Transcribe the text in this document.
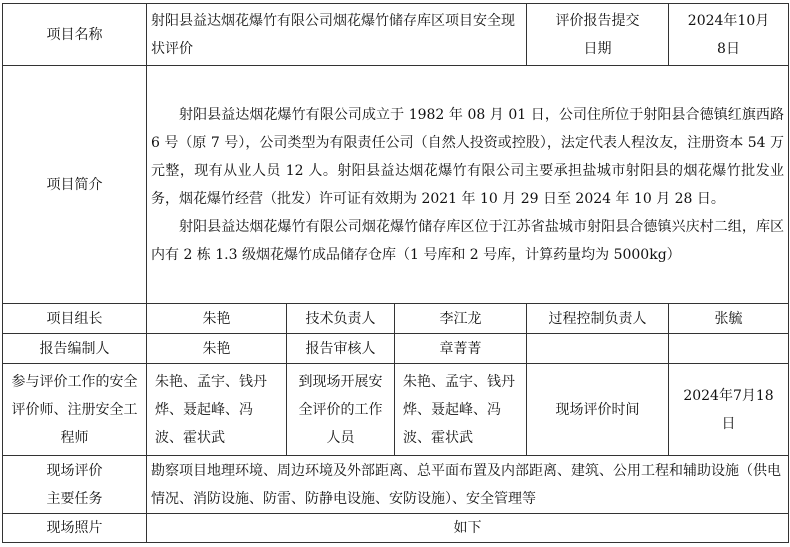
项目名称	射阳县益达烟花爆竹有限公司烟花爆竹储存库区项目安全现状评价			评价报告提交日期	2024年10月8日
项目简介	射阳县益达烟花爆竹有限公司成立于 1982 年 08 月 01 日，公司住所位于射阳县合德镇红旗西路 6 号（原 7 号），公司类型为有限责任公司（自然人投资或控股），法定代表人程汝友，注册资本 54 万元整，现有从业人员 12 人。射阳县益达烟花爆竹有限公司主要承担盐城市射阳县的烟花爆竹批发业务，烟花爆竹经营（批发）许可证有效期为 2021 年 10 月 29 日至 2024 年 10 月 28 日。

射阳县益达烟花爆竹有限公司烟花爆竹储存库区位于江苏省盐城市射阳县合德镇兴庆村二组，库区内有 2 栋 1.3 级烟花爆竹成品储存仓库（1 号库和 2 号库，计算药量均为 5000kg）				

项目组长	朱艳	技术负责人	李江龙	过程控制负责人	张毓
报告编制人	朱艳	报告审核人	章菁菁		
参与评价工作的安全评价师、注册安全工程师	朱艳、孟宇、钱丹烨、聂起峰、冯波、霍状武	到现场开展安全评价的工作人员	朱艳、孟宇、钱丹烨、聂起峰、冯波、霍状武	现场评价时间	2024年7月18日
现场评价主要任务	勘察项目地理环境、周边环境及外部距离、总平面布置及内部距离、建筑、公用工程和辅助设施（供电情况、消防设施、防雷、防静电设施、安防设施）、安全管理等				
现场照片	如下				
